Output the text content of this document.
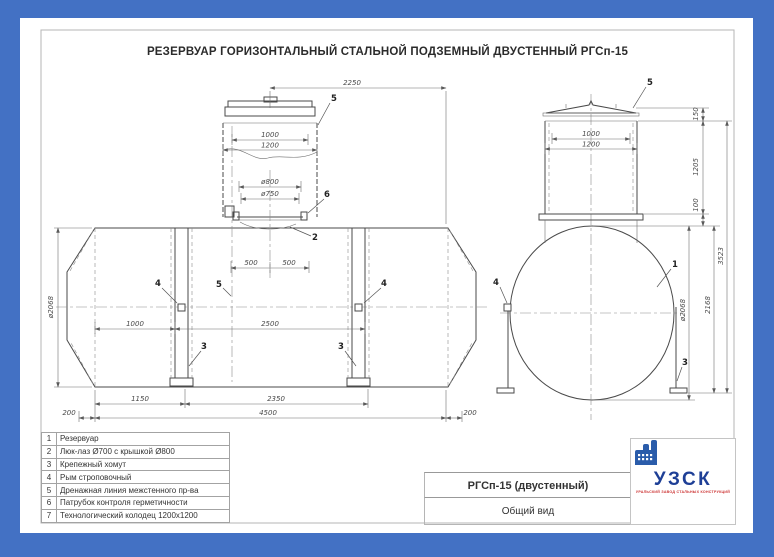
РЕЗЕРВУАР ГОРИЗОНТАЛЬНЫЙ СТАЛЬНОЙ ПОДЗЕМНЫЙ ДВУСТЕННЫЙ РГСп-15
2250
1000
1200
ø800
ø750
500	500
1000	2500
1150	2350
4500
200	200
ø2068
5
6
2
5
4	4
3	3
1000
1200
150
1205
100
ø2068 2168
3523
5
1
4
3
1	Резервуар
2	Люк-лаз Ø700 с крышкой Ø800
3	Крепежный хомут
4	Рым строповочный
5	Дренажная линия межстенного пр-ва
6	Патрубок контроля герметичности
7	Технологический колодец 1200x1200
РГСп-15 (двустенный)
Общий вид
УЗСК
УРАЛЬСКИЙ ЗАВОД СТАЛЬНЫХ КОНСТРУКЦИЙ
